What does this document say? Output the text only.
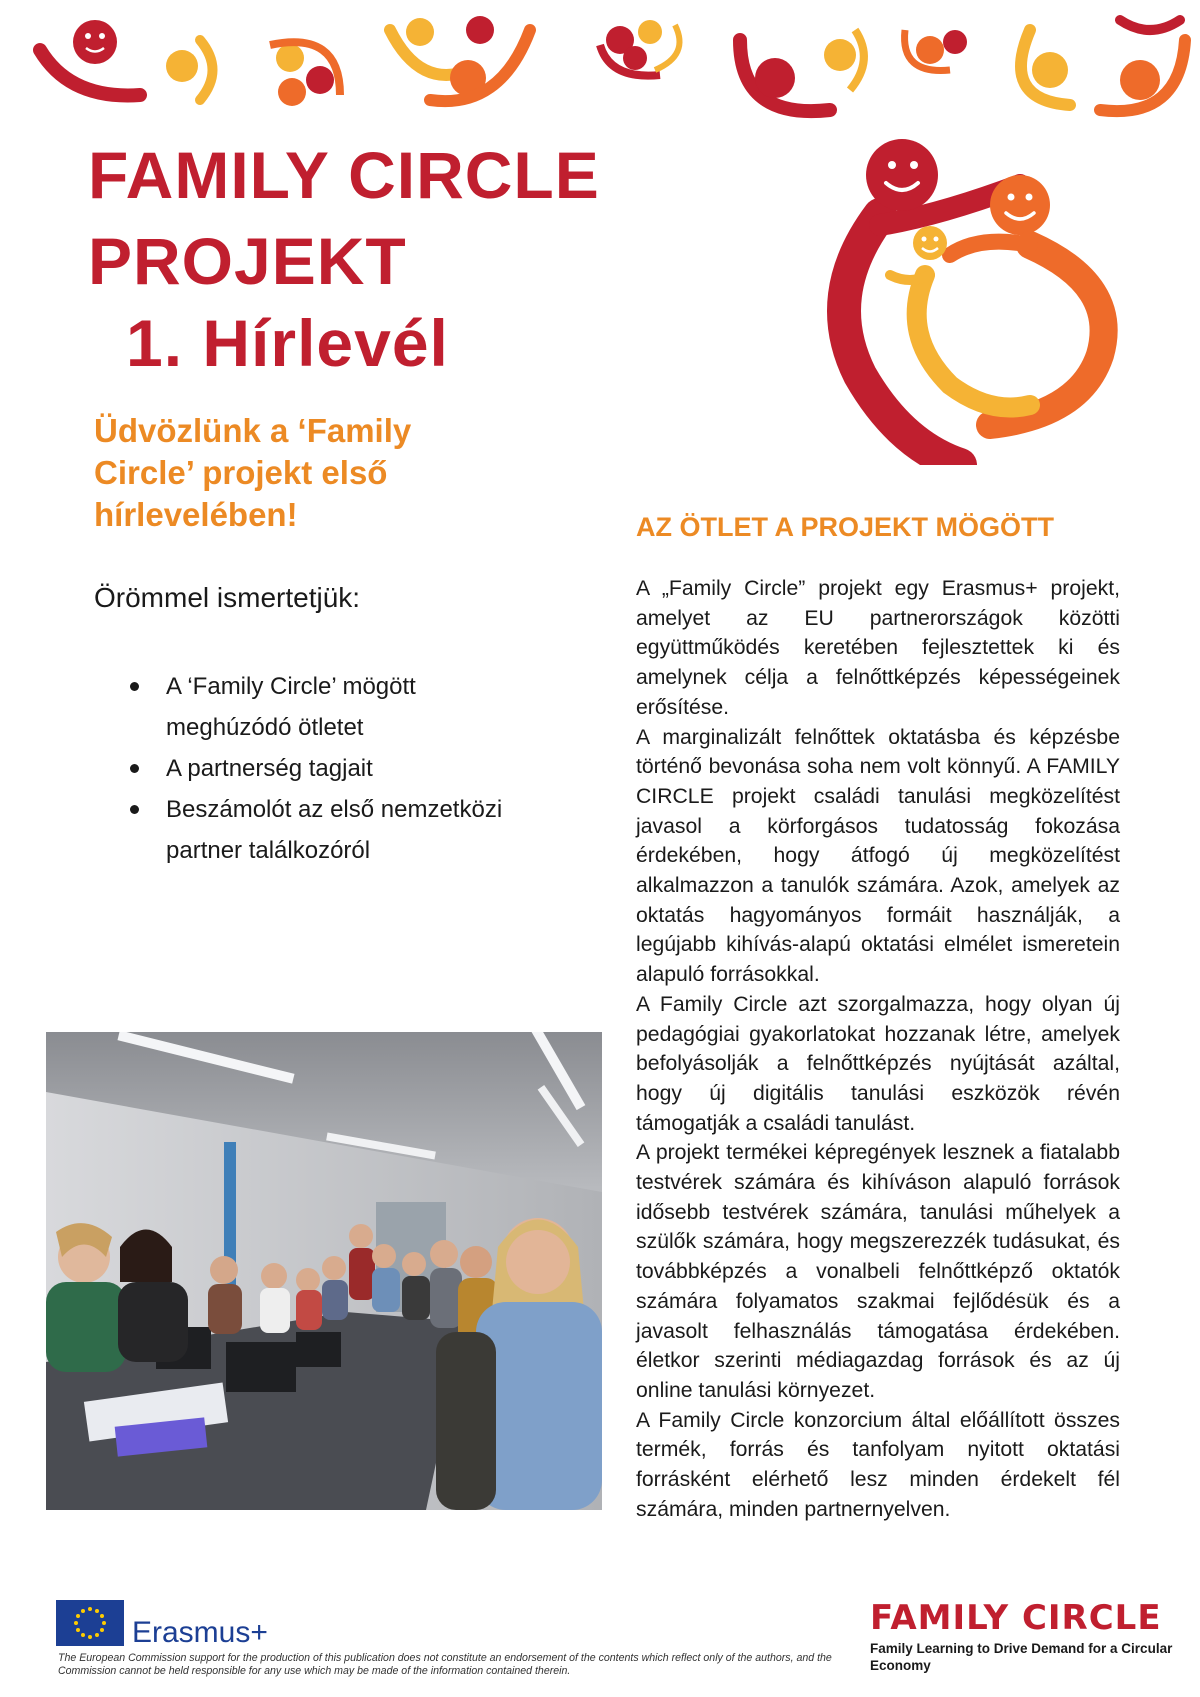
FAMILY CIRCLE
PROJEKT
1. Hírlevél
Üdvözlünk a ‘Family Circle’ projekt első hírlevelében!	AZ ÖTLET A PROJEKT MÖGÖTT
Örömmel ismertetjük:
A ‘Family Circle’ mögött meghúzódó ötletet
A partnerség tagjait
Beszámolót az első nemzetközi partner találkozóról

A „Family Circle” projekt egy Erasmus+ projekt, amelyet az EU partnerországok közötti együttműködés keretében fejlesztettek ki és amelynek célja a felnőttképzés képességeinek erősítése.

A marginalizált felnőttek oktatásba és képzésbe történő bevonása soha nem volt könnyű. A FAMILY CIRCLE projekt családi tanulási megközelítést javasol a körforgásos tudatosság fokozása érdekében, hogy átfogó új megközelítést alkalmazzon a tanulók számára. Azok, amelyek az oktatás hagyományos formáit használják, a legújabb kihívás-alapú oktatási elmélet ismeretein alapuló forrásokkal.

A Family Circle azt szorgalmazza, hogy olyan új pedagógiai gyakorlatokat hozzanak létre, amelyek befolyásolják a felnőttképzés nyújtását azáltal, hogy új digitális tanulási eszközök révén támogatják a családi tanulást.

A projekt termékei képregények lesznek a fiatalabb testvérek számára és kihíváson alapuló források idősebb testvérek számára, tanulási műhelyek a szülők számára, hogy megszerezzék tudásukat, és továbbképzés a vonalbeli felnőttképző oktatók számára folyamatos szakmai fejlődésük és a javasolt felhasználás támogatása érdekében. életkor szerinti médiagazdag források és az új online tanulási környezet.

A Family Circle konzorcium által előállított összes termék, forrás és tanfolyam nyitott oktatási forrásként elérhető lesz minden érdekelt fél számára, minden partnernyelven.

Erasmus+
The European Commission support for the production of this publication does not constitute an endorsement of the contents which reflect only of the authors, and the Commission cannot be held responsible for any use which may be made of the information contained therein.
FAMILY CIRCLE
Family Learning to Drive Demand for a Circular Economy
